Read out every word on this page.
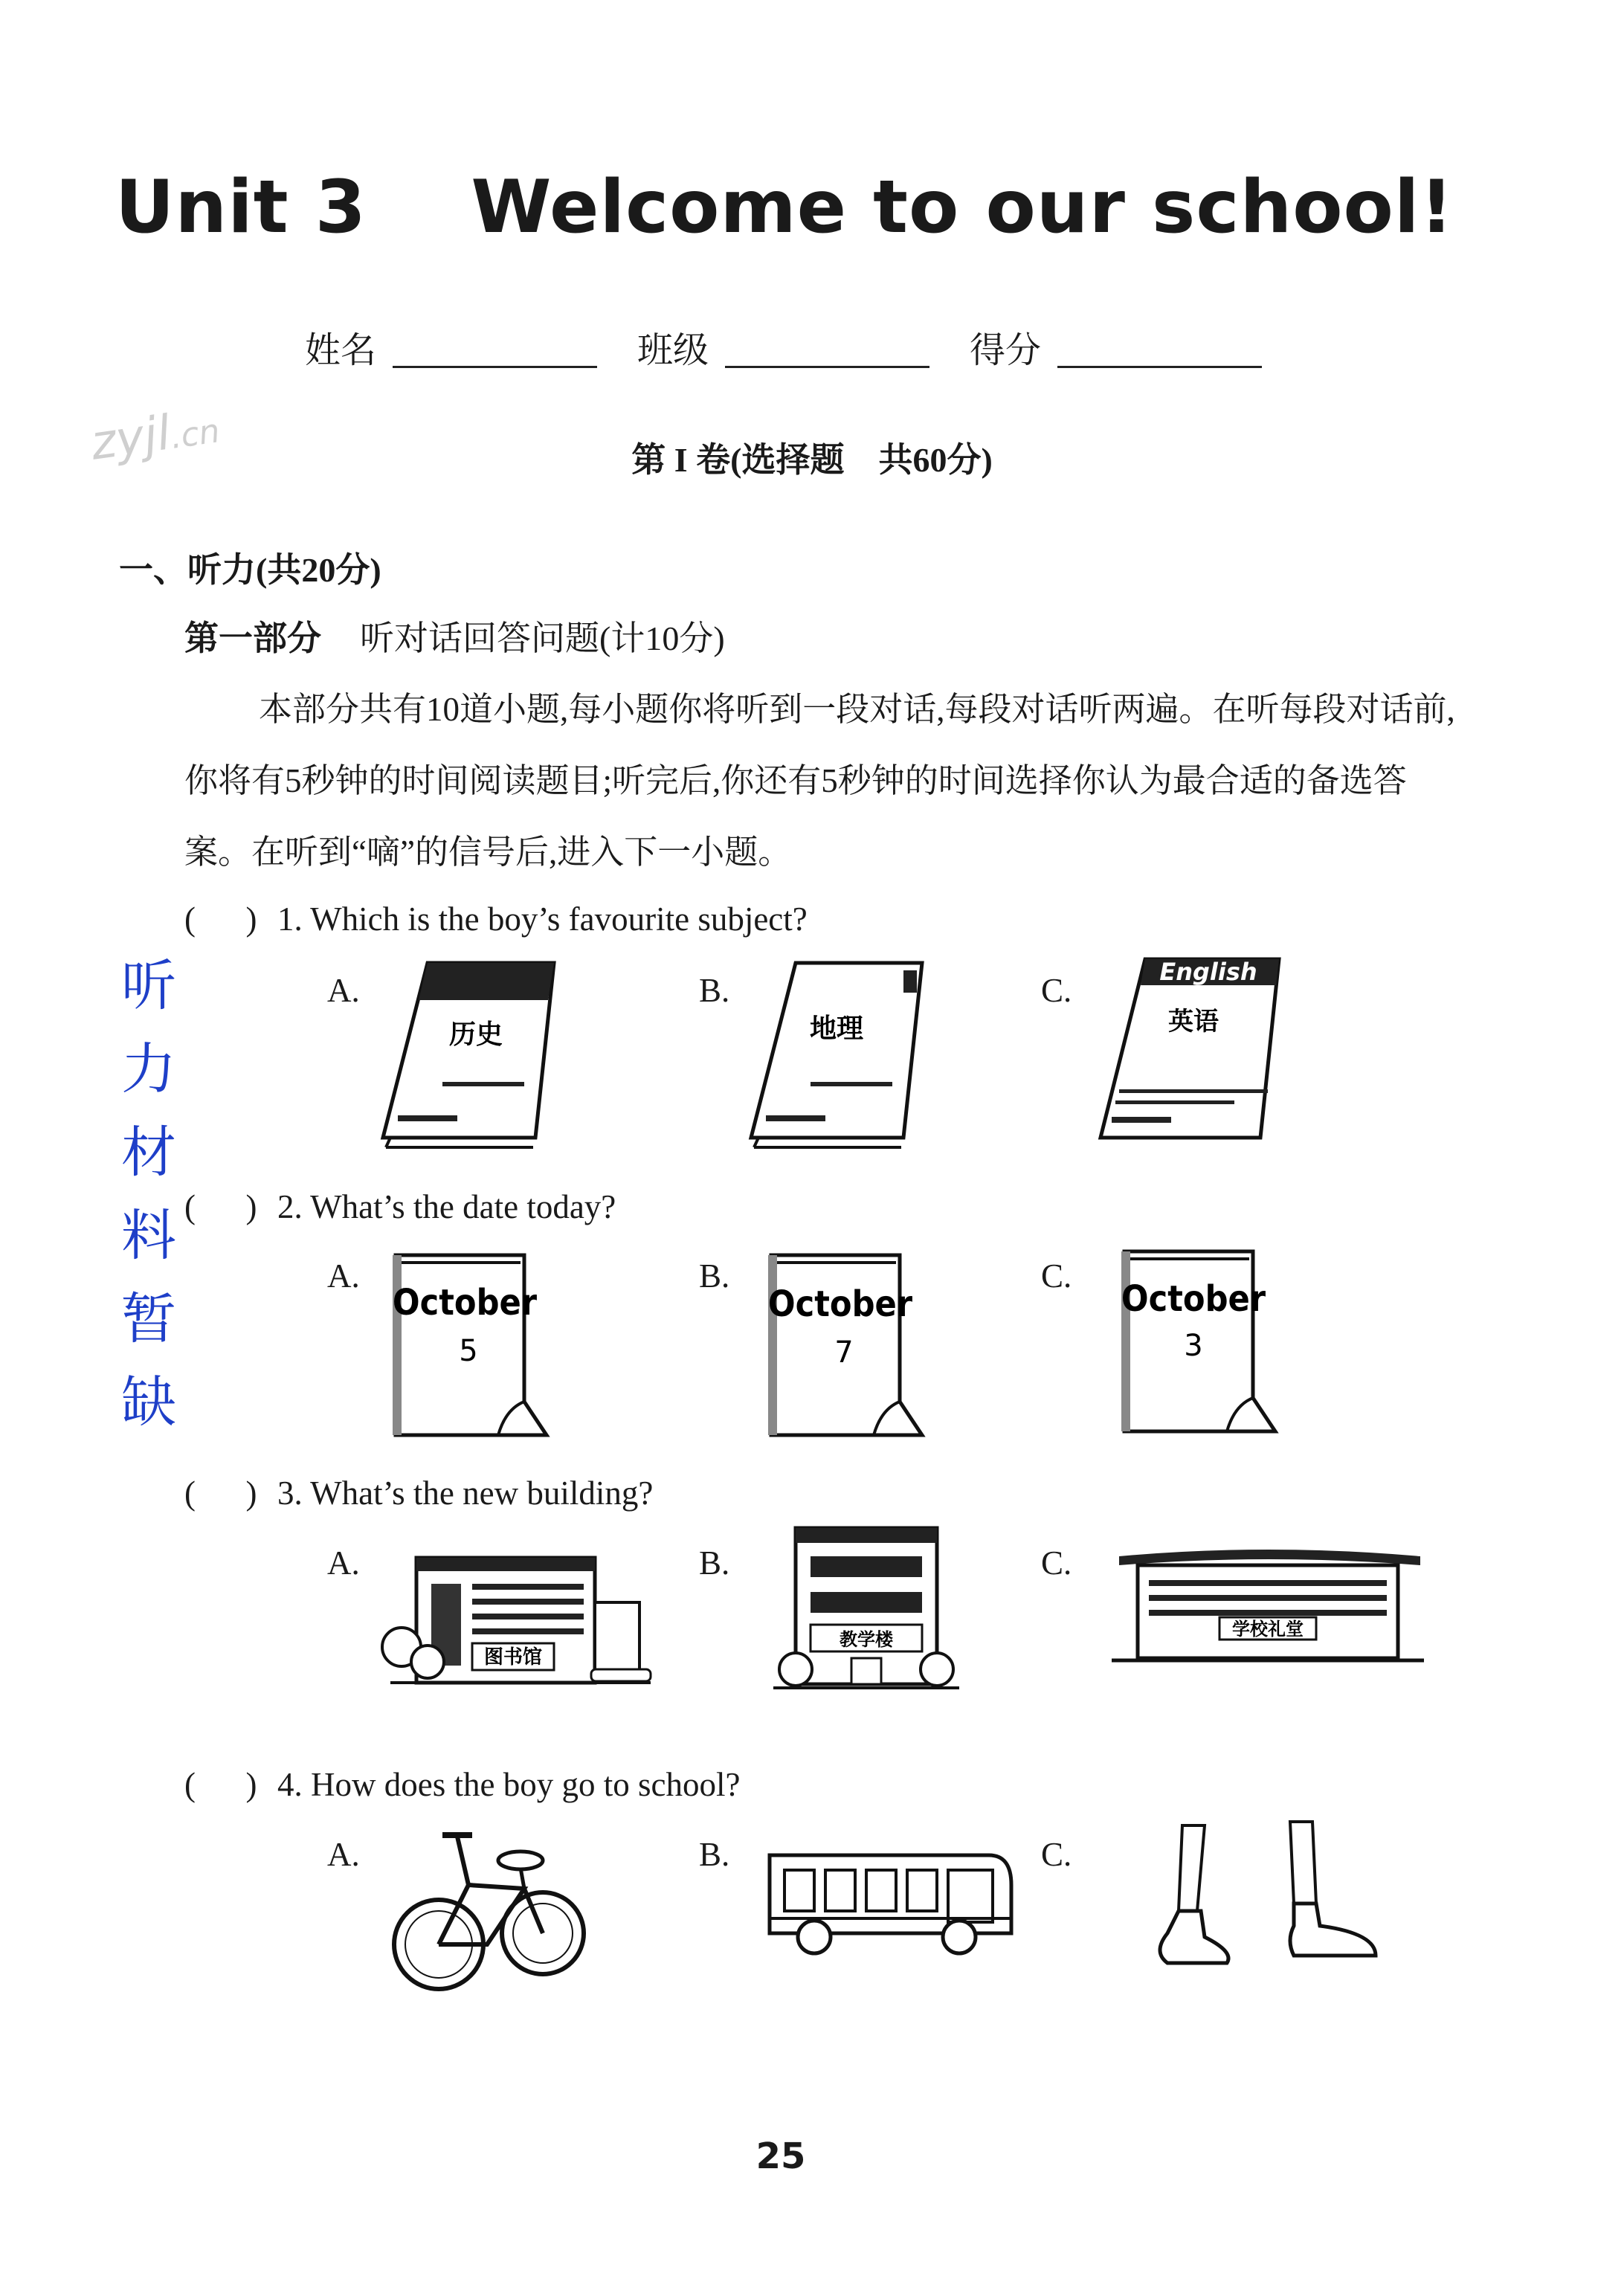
Unit 3    Welcome to our school!
姓名	班级	得分
zyjl.cn
第 I 卷(选择题　共60分)
一、听力(共20分)
第一部分 听对话回答问题(计10分)
本部分共有10道小题,每小题你将听到一段对话,每段对话听两遍。在听每段对话前,你将有5秒钟的时间阅读题目;听完后,你还有5秒钟的时间选择你认为最合适的备选答案。在听到“嘀”的信号后,进入下一小题。
听
力
材
料
暂
缺
(      ) 1. Which is the boy’s favourite subject?
A.	B.	C.
历史	地理
English
英语
(      ) 2. What’s the date today?
A.	B.	C.
October
5
October
7
October
3
(      ) 3. What’s the new building?
A.	B.	C.
图书馆
教学楼	学校礼堂
(      ) 4. How does the boy go to school?
A.	B.	C.
25
